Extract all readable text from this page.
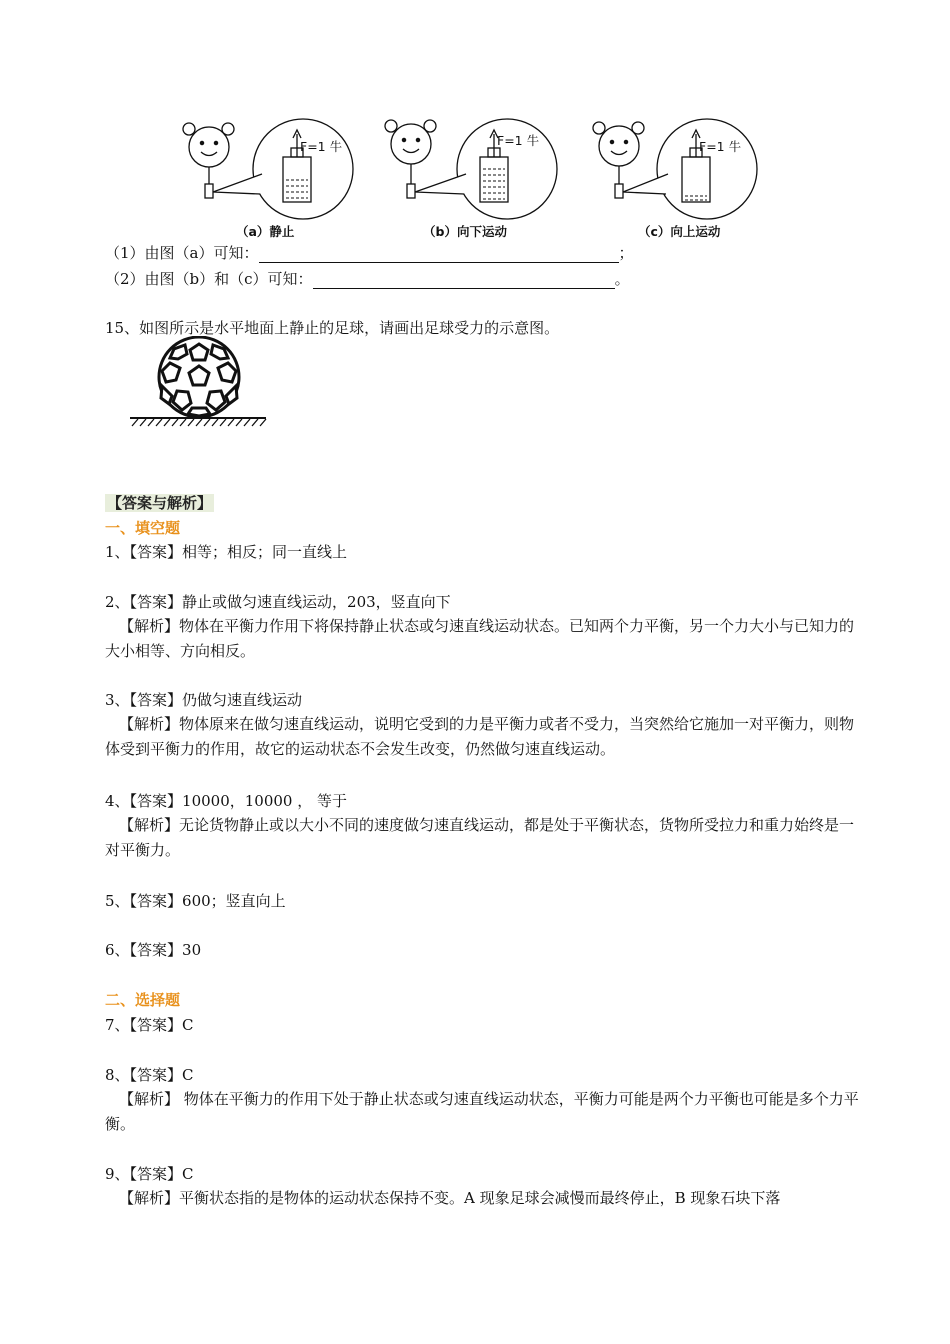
F=1 牛	F=1 牛	F=1 牛
（a）静止	（b）向下运动	（c）向上运动
（1）由图（a）可知：	；
（2）由图（b）和（c）可知：	。
15、如图所示是水平地面上静止的足球，请画出足球受力的示意图。
【答案与解析】
一、填空题
1、【答案】相等；相反；同一直线上
2、【答案】静止或做匀速直线运动，203，竖直向下
【解析】物体在平衡力作用下将保持静止状态或匀速直线运动状态。已知两个力平衡，另一个力大小与已知力的大小相等、方向相反。
3、【答案】仍做匀速直线运动
【解析】物体原来在做匀速直线运动，说明它受到的力是平衡力或者不受力，当突然给它施加一对平衡力，则物体受到平衡力的作用，故它的运动状态不会发生改变，仍然做匀速直线运动。
4、【答案】10000，10000 ， 等于
【解析】无论货物静止或以大小不同的速度做匀速直线运动，都是处于平衡状态，货物所受拉力和重力始终是一对平衡力。
5、【答案】600；竖直向上
6、【答案】30
二、选择题
7、【答案】C
8、【答案】C
【解析】 物体在平衡力的作用下处于静止状态或匀速直线运动状态，平衡力可能是两个力平衡也可能是多个力平衡。
9、【答案】C
【解析】平衡状态指的是物体的运动状态保持不变。A 现象足球会减慢而最终停止，B 现象石块下落
